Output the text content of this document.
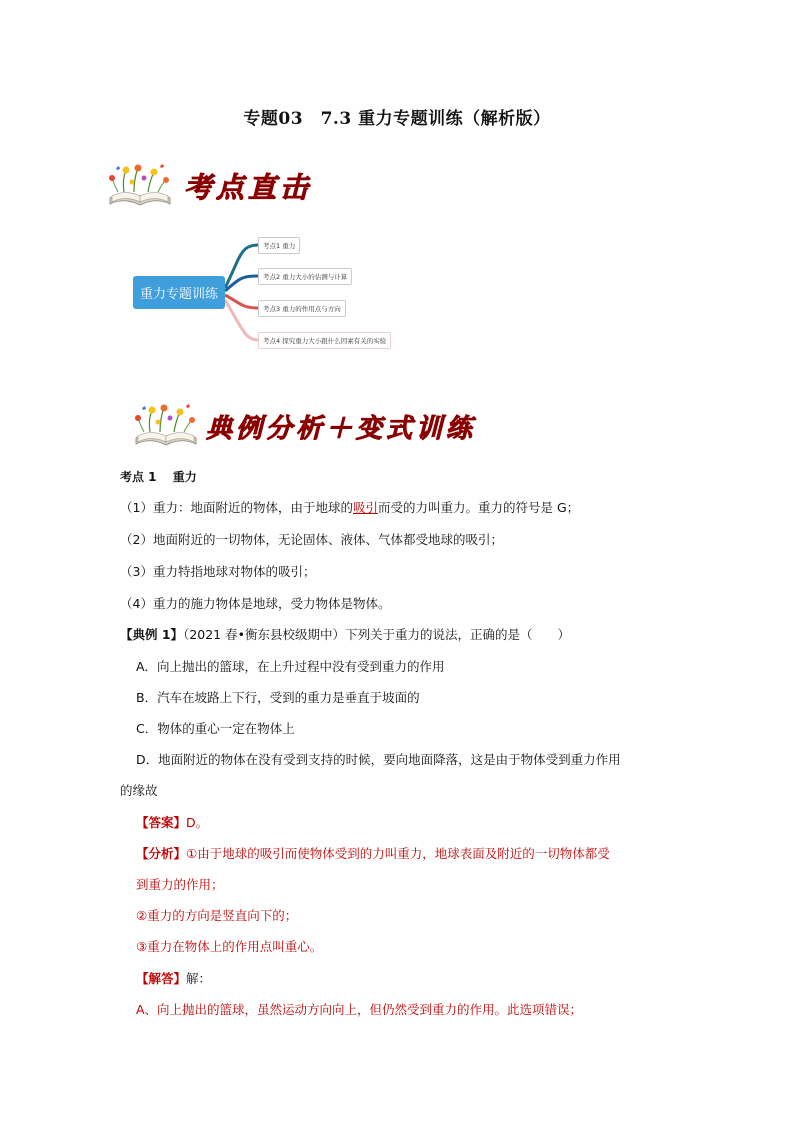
专题03　7.3 重力专题训练（解析版）
考点直击
重力专题训练
考点1 重力
考点2 重力大小的估测与计算
考点3 重力的作用点与方向
考点4 探究重力大小跟什么因素有关的实验
典例分析＋变式训练
考点 1　 重力
（1）重力：地面附近的物体，由于地球的吸引而受的力叫重力。重力的符号是 G；
（2）地面附近的一切物体，无论固体、液体、气体都受地球的吸引；
（3）重力特指地球对物体的吸引；
（4）重力的施力物体是地球，受力物体是物体。
【典例 1】（2021 春•衡东县校级期中）下列关于重力的说法，正确的是（　　）
A．向上抛出的篮球，在上升过程中没有受到重力的作用
B．汽车在坡路上下行，受到的重力是垂直于坡面的
C．物体的重心一定在物体上
D．地面附近的物体在没有受到支持的时候，要向地面降落，这是由于物体受到重力作用
的缘故
【答案】D。
【分析】①由于地球的吸引而使物体受到的力叫重力，地球表面及附近的一切物体都受
到重力的作用；
②重力的方向是竖直向下的；
③重力在物体上的作用点叫重心。
【解答】解：
A、向上抛出的篮球，虽然运动方向向上，但仍然受到重力的作用。此选项错误；
